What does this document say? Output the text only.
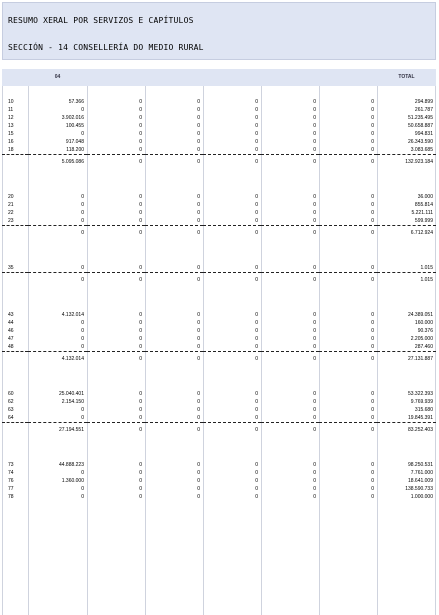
RESUMO XERAL POR SERVIZOS E CAPÍTULOS
SECCIÓN - 14 CONSELLERÍA DO MEDIO RURAL
	04						TOTAL

10	57.366	0	0	0	0	0	294.899
11	0	0	0	0	0	0	261.787
12	3.902.016	0	0	0	0	0	51.235.495
13	100.455	0	0	0	0	0	50.658.887
15	0	0	0	0	0	0	994.831
16	917.048	0	0	0	0	0	26.343.590
18	118.200	0	0	0	0	0	3.083.685
	5.095.086	0	0	0	0	0	132.923.184

20	0	0	0	0	0	0	36.000
21	0	0	0	0	0	0	855.814
22	0	0	0	0	0	0	5.221.111
23	0	0	0	0	0	0	599.999
	0	0	0	0	0	0	6.712.924

35	0	0	0	0	0	0	1.015
	0	0	0	0	0	0	1.015

43	4.132.014	0	0	0	0	0	24.389.051
44	0	0	0	0	0	0	160.000
46	0	0	0	0	0	0	90.376
47	0	0	0	0	0	0	2.205.000
48	0	0	0	0	0	0	287.460
	4.132.014	0	0	0	0	0	27.131.887

60	25.040.401	0	0	0	0	0	53.322.393
62	2.154.150	0	0	0	0	0	9.769.939
63	0	0	0	0	0	0	315.680
64	0	0	0	0	0	0	19.845.391
	27.194.551	0	0	0	0	0	83.252.403

73	44.888.223	0	0	0	0	0	98.250.531
74	0	0	0	0	0	0	7.761.000
76	1.360.000	0	0	0	0	0	18.641.009
77	0	0	0	0	0	0	138.590.733
78	0	0	0	0	0	0	1.000.000
